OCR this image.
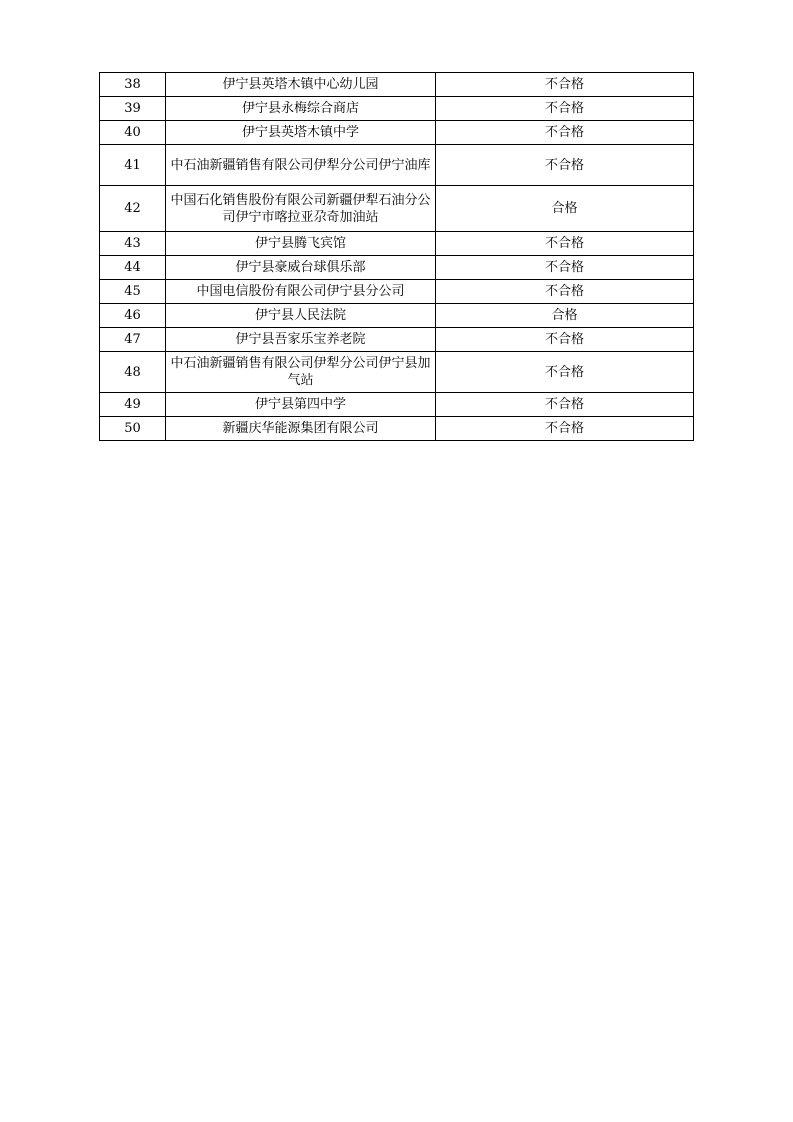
38	伊宁县英塔木镇中心幼儿园	不合格
39	伊宁县永梅综合商店	不合格
40	伊宁县英塔木镇中学	不合格
41	中石油新疆销售有限公司伊犁分公司伊宁油库	不合格
42	中国石化销售股份有限公司新疆伊犁石油分公司伊宁市喀拉亚尕奇加油站	合格
43	伊宁县腾飞宾馆	不合格
44	伊宁县豪威台球俱乐部	不合格
45	中国电信股份有限公司伊宁县分公司	不合格
46	伊宁县人民法院	合格
47	伊宁县吾家乐宝养老院	不合格
48	中石油新疆销售有限公司伊犁分公司伊宁县加气站	不合格
49	伊宁县第四中学	不合格
50	新疆庆华能源集团有限公司	不合格
